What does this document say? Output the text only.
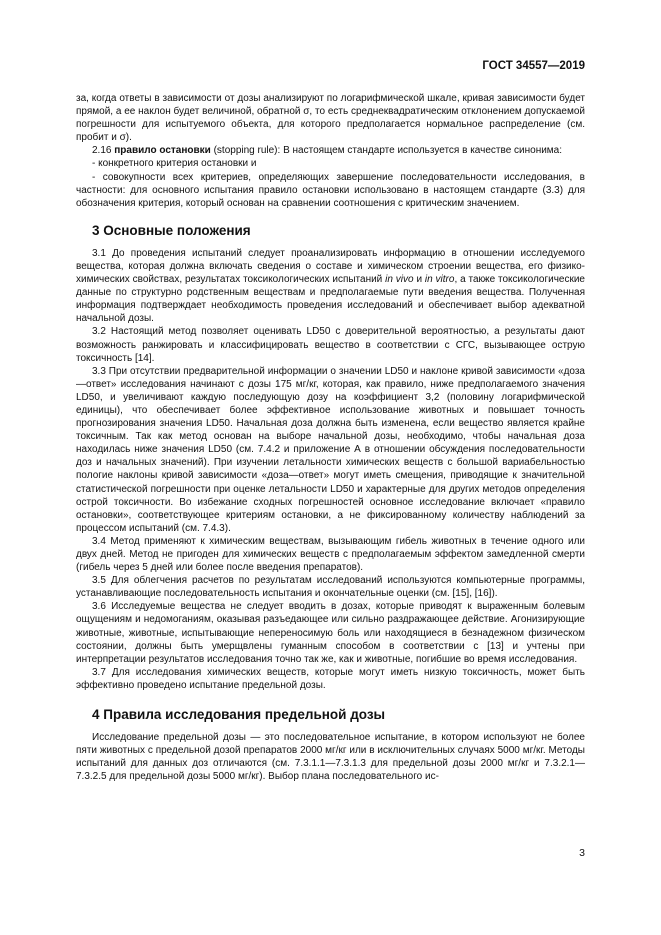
ГОСТ 34557—2019

за, когда ответы в зависимости от дозы анализируют по логарифмической шкале, кривая зависимости будет прямой, а ее наклон будет величиной, обратной σ, то есть среднеквадратическим отклонением допускаемой погрешности для испытуемого объекта, для которого предполагается нормальное распределение (см. пробит и σ).

2.16 правило остановки (stopping rule): В настоящем стандарте используется в качестве синонима:

- конкретного критерия остановки и

- совокупности всех критериев, определяющих завершение последовательности исследования, в частности: для основного испытания правило остановки использовано в настоящем стандарте (3.3) для обозначения критерия, который основан на сравнении соотношения с критическим значением.

3 Основные положения

3.1 До проведения испытаний следует проанализировать информацию в отношении исследуемого вещества, которая должна включать сведения о составе и химическом строении вещества, его физико-химических свойствах, результатах токсикологических испытаний in vivo и in vitro, а также токсикологические данные по структурно родственным веществам и предполагаемые пути введения вещества. Полученная информация подтверждает необходимость проведения исследований и обеспечивает выбор адекватной начальной дозы.

3.2 Настоящий метод позволяет оценивать LD50 с доверительной вероятностью, а результаты дают возможность ранжировать и классифицировать вещество в соответствии с СГС, вызывающее острую токсичность [14].

3.3 При отсутствии предварительной информации о значении LD50 и наклоне кривой зависимости «доза—ответ» исследования начинают с дозы 175 мг/кг, которая, как правило, ниже предполагаемого значения LD50, и увеличивают каждую последующую дозу на коэффициент 3,2 (половину логарифмической единицы), что обеспечивает более эффективное использование животных и повышает точность прогнозирования значения LD50. Начальная доза должна быть изменена, если вещество является крайне токсичным. Так как метод основан на выборе начальной дозы, необходимо, чтобы начальная доза находилась ниже значения LD50 (см. 7.4.2 и приложение А в отношении обсуждения последовательности доз и начальных значений). При изучении летальности химических веществ с большой вариабельностью пологие наклоны кривой зависимости «доза—ответ» могут иметь смещения, приводящие к значительной статистической погрешности при оценке летальности LD50 и характерные для других методов определения острой токсичности. Во избежание сходных погрешностей основное исследование включает «правило остановки», соответствующее критериям остановки, а не фиксированному количеству наблюдений за процессом испытаний (см. 7.4.3).

3.4 Метод применяют к химическим веществам, вызывающим гибель животных в течение одного или двух дней. Метод не пригоден для химических веществ с предполагаемым эффектом замедленной смерти (гибель через 5 дней или более после введения препаратов).

3.5 Для облегчения расчетов по результатам исследований используются компьютерные программы, устанавливающие последовательность испытания и окончательные оценки (см. [15], [16]).

3.6 Исследуемые вещества не следует вводить в дозах, которые приводят к выраженным болевым ощущениям и недомоганиям, оказывая разъедающее или сильно раздражающее действие. Агонизирующие животные, животные, испытывающие непереносимую боль или находящиеся в безнадежном физическом состоянии, должны быть умерщвлены гуманным способом в соответствии с [13] и учтены при интерпретации результатов исследования точно так же, как и животные, погибшие во время исследования.

3.7 Для исследования химических веществ, которые могут иметь низкую токсичность, может быть эффективно проведено испытание предельной дозы.

4 Правила исследования предельной дозы

Исследование предельной дозы — это последовательное испытание, в котором используют не более пяти животных с предельной дозой препаратов 2000 мг/кг или в исключительных случаях 5000 мг/кг. Методы испытаний для данных доз отличаются (см. 7.3.1.1—7.3.1.3 для предельной дозы 2000 мг/кг и 7.3.2.1—7.3.2.5 для предельной дозы 5000 мг/кг). Выбор плана последовательного ис-

3
